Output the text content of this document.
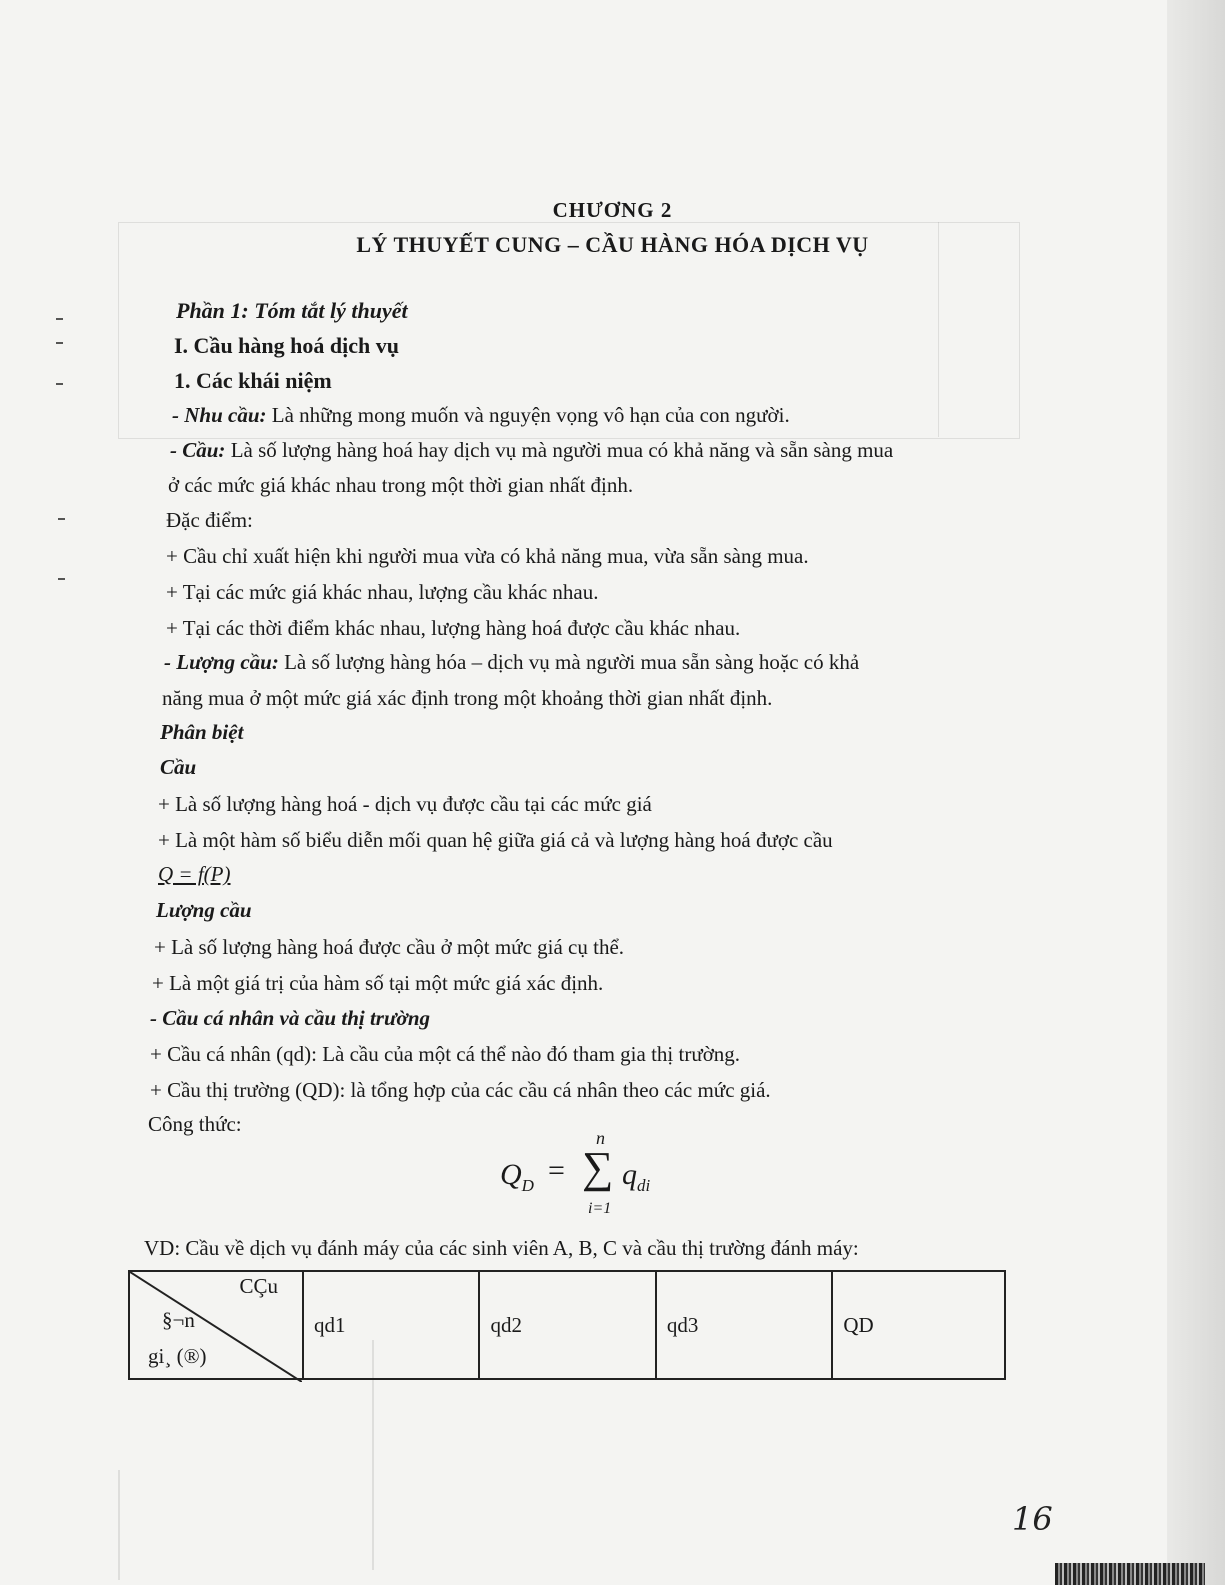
CHƯƠNG 2
LÝ THUYẾT CUNG – CẦU HÀNG HÓA DỊCH VỤ
Phần 1: Tóm tắt lý thuyết
I. Cầu hàng hoá dịch vụ
1. Các khái niệm
- Nhu cầu: Là những mong muốn và nguyện vọng vô hạn của con người.
- Cầu: Là số lượng hàng hoá hay dịch vụ mà người mua có khả năng và sẵn sàng mua
ở các mức giá khác nhau trong một thời gian nhất định.
Đặc điểm:
+ Cầu chỉ xuất hiện khi người mua vừa có khả năng mua, vừa sẵn sàng mua.
+ Tại các mức giá khác nhau, lượng cầu khác nhau.
+ Tại các thời điểm khác nhau, lượng hàng hoá được cầu khác nhau.
- Lượng cầu: Là số lượng hàng hóa – dịch vụ mà người mua sẵn sàng hoặc có khả
năng mua ở một mức giá xác định trong một khoảng thời gian nhất định.
Phân biệt
Cầu
+ Là số lượng hàng hoá - dịch vụ được cầu tại các mức giá
+ Là một hàm số biểu diễn mối quan hệ giữa giá cả và lượng hàng hoá được cầu
Q = f(P)
Lượng cầu
+ Là số lượng hàng hoá được cầu ở một mức giá cụ thể.
+ Là một giá trị của hàm số tại một mức giá xác định.
- Cầu cá nhân và cầu thị trường
+ Cầu cá nhân (qd): Là cầu của một cá thể nào đó tham gia thị trường.
+ Cầu thị trường (QD): là tổng hợp của các cầu cá nhân theo các mức giá.
Công thức:
$Q_D$ =
n
∑
i=1
$q_{di}$
VD: Cầu về dịch vụ đánh máy của các sinh viên A, B, C và cầu thị trường đánh máy:
CÇu
§¬n
gi¸ (®)
	qd1	qd2	qd3	QD
16
